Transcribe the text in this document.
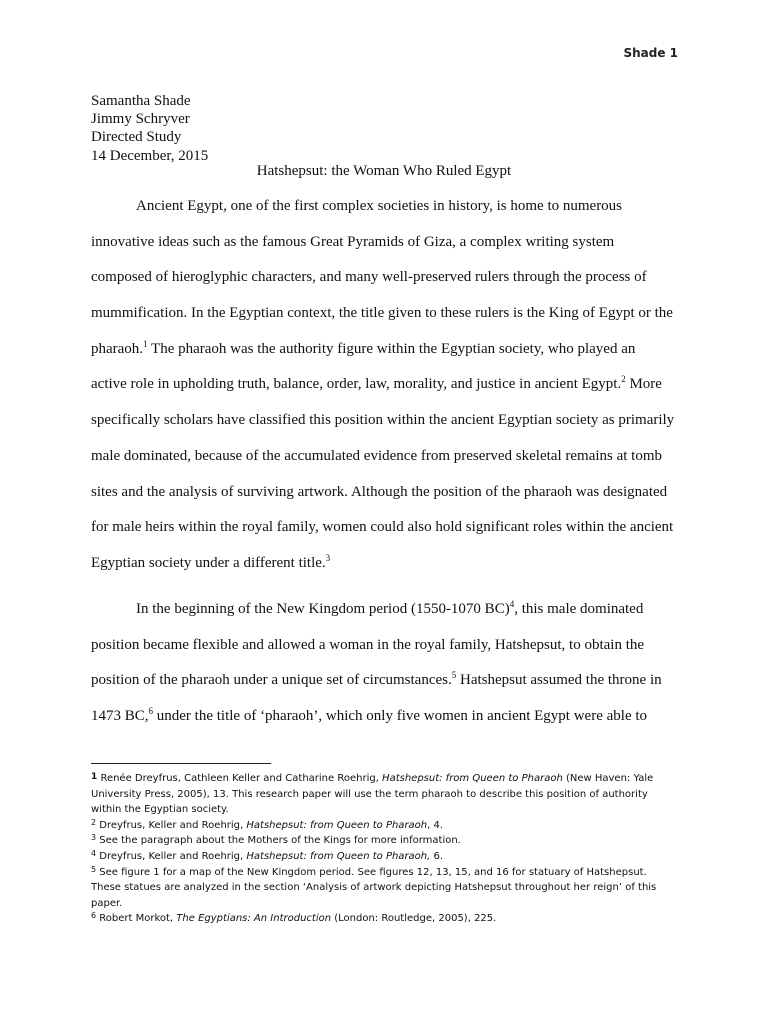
Shade 1
Samantha Shade
Jimmy Schryver
Directed Study
14 December, 2015
Hatshepsut: the Woman Who Ruled Egypt
Ancient Egypt, one of the first complex societies in history, is home to numerous
innovative ideas such as the famous Great Pyramids of Giza, a complex writing system
composed of hieroglyphic characters, and many well-preserved rulers through the process of
mummification. In the Egyptian context, the title given to these rulers is the King of Egypt or the
pharaoh.$^1$ The pharaoh was the authority figure within the Egyptian society, who played an
active role in upholding truth, balance, order, law, morality, and justice in ancient Egypt.$^2$ More
specifically scholars have classified this position within the ancient Egyptian society as primarily
male dominated, because of the accumulated evidence from preserved skeletal remains at tomb
sites and the analysis of surviving artwork. Although the position of the pharaoh was designated
for male heirs within the royal family, women could also hold significant roles within the ancient
Egyptian society under a different title.$^3$
In the beginning of the New Kingdom period (1550-1070 BC)$^4$, this male dominated
position became flexible and allowed a woman in the royal family, Hatshepsut, to obtain the
position of the pharaoh under a unique set of circumstances.$^5$ Hatshepsut assumed the throne in
1473 BC,$^6$ under the title of ‘pharaoh’, which only five women in ancient Egypt were able to
1 Renée Dreyfrus, Cathleen Keller and Catharine Roehrig, Hatshepsut: from Queen to Pharaoh (New Haven: Yale
University Press, 2005), 13. This research paper will use the term pharaoh to describe this position of authority
within the Egyptian society.
$^2$ Dreyfrus, Keller and Roehrig, Hatshepsut: from Queen to Pharaoh, 4.
$^3$ See the paragraph about the Mothers of the Kings for more information.
$^4$ Dreyfrus, Keller and Roehrig, Hatshepsut: from Queen to Pharaoh, 6.
$^5$ See figure 1 for a map of the New Kingdom period. See figures 12, 13, 15, and 16 for statuary of Hatshepsut.
These statues are analyzed in the section ‘Analysis of artwork depicting Hatshepsut throughout her reign’ of this
paper.
$^6$ Robert Morkot, The Egyptians: An Introduction (London: Routledge, 2005), 225.
